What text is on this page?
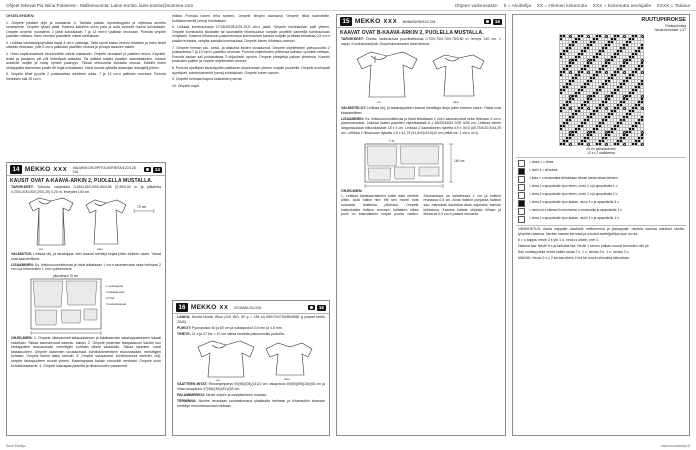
Ohjeet tekevat Pia Niina Polanene - Mallineuvonta: Laine Kontio, laine.kontio@suomea.com	Ohjeen vaikeusaste: 0 = Aloittelija XX = Hieman kokenutta XXX = Kokenutta neulojalle XXXX = Taitava
OHJELEHDEN:
1. Ompele jokaiset ohje ja osoaamat. 2. Tarkista paidan myoetaisyydes ja ohjeessa annettu neulesuhde. Ompele lyhyet palat. Kaanna kaitalein sivun pala ja auta avoimet nuorat kohdakkain. Ompele avoimin nuorailmin 2 ja/tai kohdakkain 7 ja 13 mm:n paallisin neuroaan. Pumota ompele paantien reittaus. Hanu reuneet paantielle oikeat siestakaan.
3. Leikkaa kaintasohjeiyhdista kaysi 4 cm:n paikkaja. Taita nyorit kakso kerroin tekseksi ja harsi lenkit oikeaan eksinaan, jolle 2 cm:n paikkaan paantien reunaa ja ja kapit lasasien sakee.
4. Harsi napitussaanvat ekoreuneille oikeat sastakaiin. Ompele reunaiset pi paaitien reuna. Kaynteli, lenkit ja pasaisim piit pilii kirtteilyadi saitaalla. Tai katkilat kaipila paaitien saaimaatunlen. Kaanni asioeralt narjille ja nosty nyheet paalnyyn. Tikkaa ohiruueeat kohdalla reunaa. Katkillit eiden ehdappallia sisemman paalle 65 tingit kohdakkain. Harsi nuurat vylitailla alasanjan leavajellij jhteen.
5. Ompele kihat pyorille 2 poistautetaa meinteen oikks. 7 ja 13 cm:n paikkain nuurasta. Pumota merkiisen sali 15 cm:n
14 MEKKO XXX VALMISKOKO/PITUUS/RINTA/122/128 CM	14
KAUSIT OVAT A-KAAVA-ARKIN 2, PUOLELLA MUSTALLA.
TARVIKKEET: Trikoota, vaaleahko 0,45/0,45/0,50/0,50/0,55 (0,95/0,60 m ja pitkahiha 0,20/0,20/0,20/0,20/0,20) 0,25 m, leveydet 140 cm.
70 cm
etu	taka
VALMISTUS: Leikkaa ohj- ja takakappa- leen kaavat merkityt kinjaa jolien tuhteen vaare. Ylasat ovat kaavamilkeet.
LISAAMINEN: Ks. leikkuusuunnitelmaa ja hisat leikataaan 1 cm:n saumanvarat seka helmaan 2 cm:n ja hihansuihin 1 cm:n paikenvarat.
pituudesen 70 cm
1 etukappale
2 takakappale
3 hiha
4 taskukappale
OHJELMIEN: 1. Ompele olkasaumat+takapaalaesen ja takakaarrake takakappaleeseen sikaali valokkain. Tikkaa saumanvarat kaarrak- kaisiin. 2. Ompele pistemae takapaasoon kaulan suu etukappalen sivusaumaat, merkittyjen kohtaan oikeat sastakaiin. Tikkaa saumien- varat taskapuoleen. Ompele osavimien sivusaumaat, kohdistusmerkitem sivusnaavaan, merkittyjen kohtaan. Ompele toinen tasku samoin. 3. Ompele sivusaumat, kohdistusnuot merkitel, ohjt. ompele taskapuoleen nuurat yhteen. Kaannapassa kaulan sivusvidit merkattu. Ompele suun kohdistussaumat. 4. Ompele kaavapaa paanitta ja hihansuuden paarimmet.
mittaa. Pumota toinen teha saneen. Ompele hihojen sisasavut. Ompele hihat kadenteille, kohdistusmerkit (sena) kohdakkain.
6. Leikkaa kuminauhasta 27/28/28/28,5/29-29,5 cm:n palat. Ompele kuminauhan palit yhteen. Ompele kuminauha sikukatiin tai saumaville hihansuuhun nurjalle puoleille sametilla kuminauhaan venyttaen. Kaanna hihansuun paarimennasa kuminauhan kanssa nurjalle ja tikkaa tehaassa 0,5 cm:n paalta reunasta, venytta samalla kuminauhaa. Ompele toinen hihansuu samoin.
7. Ompele helman yla-, keski- ja alakohta tisiden sivusaumat. Ompele ohjeleheden ydesosuuhto 2 poistautetaa 7 ja 13 mm:n paallisin neuroaa. Pumota ohjeleheden yhteensa sulhaun vyohtein reittaan. Pumota kaulan sali poistautetaa 3 ohjauksen nyroon. Ompele yhtaytteja paloan yhteensa. Kannini kaulusten pallein ja ompele ohjeleheden reunaa.
8. Pumota ajuntlyket kaulsilyydlen palikseen sisareunaan yhteen nurjalle puoleelle. Ompele avolmpalii ajuntlyket, kohdistusmerkit (sena) kohdakkain. Ompele toinen sanoin.
9. Ompele helmaan kapea kaistalinen parma.
10. Ompele napit.
16 MEKKO XX XS/S/M/L/XL/XXL	16
LANKA: Novita Nordic Wool (100 WO, 50 g = 135 m) 650/700/750/800/850 g (ohjeet kehto 2040).
PUIKOT: Pyoropuikot 40 ja 80 cm ja sukkapuikot 3,5 mm ja 4,5 mm.
TIHEYS: 21 s ja 27 krs = 10 cm sileaa neuletta paksummilla puikoilla.
etu	taka
VAATTEEN MITAT: Rinnanymparys 90(98)/(06)(14)22 cm, takapituus 59(59)(59)(18)/(65 cm ja hihan sisapituus 47(48)/(49)/(51)/(53 cm.
PALAMIMERKKI: Neule ohjeen ja osalyttaminen mukaan.
TERMINNA: Neulee neulotaan saumattomana ylaaltaalta helmaan ja hihansuihin kaavaan merkityn neulomissuuman mukaan.
15 MEKKO XXX 80/86/92/98/104 CM	15
KAAVAT OVAT B-KAAVA-ARKIN 2, PUOLELLA MUSTALLA.
TARVIKKEET: Ohutta, laskeutuvaa puuvillatrikoota 0,70/0,70/0,70/0,75/0,80 m, leveys 140 cm. 1 nappi. Kuminauhanlyhä. Ompelukoneeseen tavernineula.
etu	taka
VALMISTELUT: Leikkaa ohj- ja takakappaleen kaavat merkittyja lisoja jolien tuhteen vaare. Ylasat ovat kaavamilkeet.
LISAAMINEN: Ks. leikkuusuunnitelmaa ja hisat leikataaan 1 cm:n saumanvarat seka helmaan 2 cm:n paarinnanvarat. Leikkaa lisaksi paantien vlyketkaistale 8 x 55/25/45/54 9/29 4/35 cm. Leikkaa vireen langansuutaan hiiikoskaistale 18 x 4 cm. Leikkaa 2 kaarrakkeen rlyketta 4,5 x 30,5 (40,75/4/20,5/44,25 cm. Leikkaa 2 hihansuun rlyketta 4,5 x 41,75 (41,5/43/43,5)42 cm (mitat sis. 1 cm:n nv:t).
140 cm
1 m
OHJELMIEN:
1. Leikkaa takakaarrakkeen tutkin aate merkist pitkin. Auta halkin niin; etti sen monel nvat suurassa teistensa pitkeosa. Ompele halkoskaiste halkion reunaan, kaitaleen oikea puoli on kaarrakkeen nurjaa puolta vasten. Saumanvara on kaitaleessa 1 cm ja halkion reunassa 0,5 cm. Anna halkion pohjassa halkion sau- manvaran kaventua aivan kapeaksi, samoin leikkalssa. Kaanna kaitale ohjleiaa hiilaan ja tikkaa se 0,5 cm:n paasta reunasta.
RUUTUPIIROKSE
Ruutupiiroksa
Neula kerrokset 1-37

28 cm palmikkokuvio
12 s x 2 mallikertaa
= oikea 1 = oikea
= nurin s = silmukka
= kaks 1 s neulomatta silmukkaan oikean kautta takaa kiertaen
= siirra 1 s apupuikolle tyon eteen, neulo 1 o ja apupuikolta 1 o
= siirra 2 s apupuikolle tyon eteen, neulo 2 o ja apupuikolta 2 o
= siirra 3 s apupuikolle tyon taakse, neulo 3 o ja apupuikolta 3 o
= neulo kd s oikeaa ili nivonimeksi s neulomalla ja apupuikolta 1 o
= siirra 1 s apupuikolle tyon taakse, neulo 1 o ja apupuikolta 1 n
VANHEISTUS: Aseta nappaile olautside neittokirmoa ja ylakappale; neulota saumat olautiset sivulta lyhyidien kaanna. Neulan kaaran kerrosta ja nosotut aseteljyellipa tyon iso ila.
6 = o kappa: neule 2 s yht 1 o, neulo s oikein, mer 2.
Hainnot taa: Neule 5 s ja taitoista taa. Neule 1 kerros paikan nuurat kerrosten niin yli.
Kan nullakyydella kerrta kaikki naula 2 s, 1 o, kertaa 3 s, 1 n, kertaa 2 o.
MAINIO: Neulo 2 s x 2 kertaa oikein 2 krs tai nuurin silmukka silmukkaa.
Suuri Kasityo	www.suurikasityo.fi
